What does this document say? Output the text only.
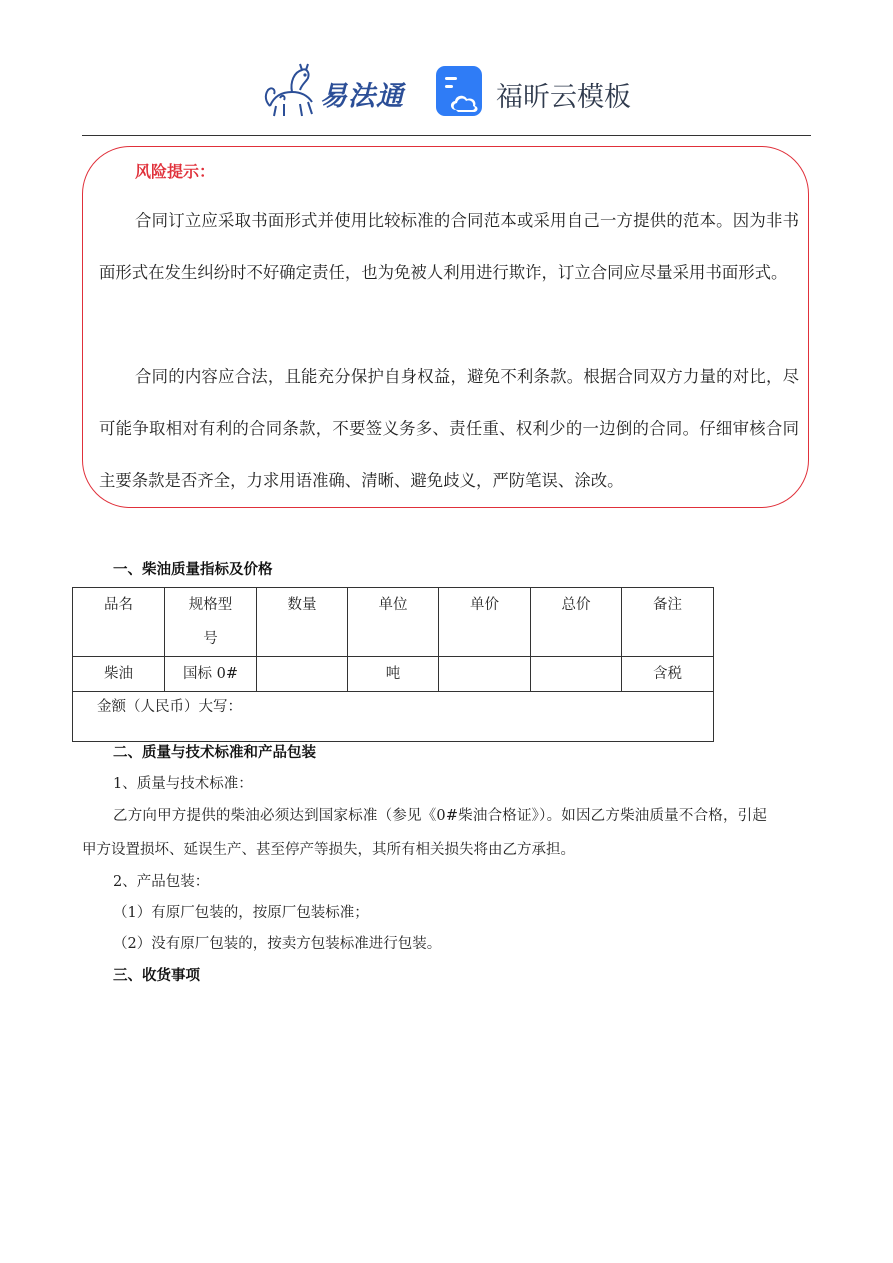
易法通	福昕云模板
风险提示：
合同订立应采取书面形式并使用比较标准的合同范本或采用自己一方提供的范本。因为非书面形式在发生纠纷时不好确定责任，也为免被人利用进行欺诈，订立合同应尽量采用书面形式。
合同的内容应合法，且能充分保护自身权益，避免不利条款。根据合同双方力量的对比，尽可能争取相对有利的合同条款，不要签义务多、责任重、权利少的一边倒的合同。仔细审核合同主要条款是否齐全，力求用语准确、清晰、避免歧义，严防笔误、涂改。
一、柴油质量指标及价格
品名	规格型号	数量	单位	单价	总价	备注
柴油	国标 0#		吨			含税
金额（人民币）大写：						
二、质量与技术标准和产品包装
1、质量与技术标准：
乙方向甲方提供的柴油必须达到国家标准（参见《0#柴油合格证》）。如因乙方柴油质量不合格，引起
甲方设置损坏、延误生产、甚至停产等损失，其所有相关损失将由乙方承担。
2、产品包装：
（1）有原厂包装的，按原厂包装标准；
（2）没有原厂包装的，按卖方包装标准进行包装。
三、收货事项
